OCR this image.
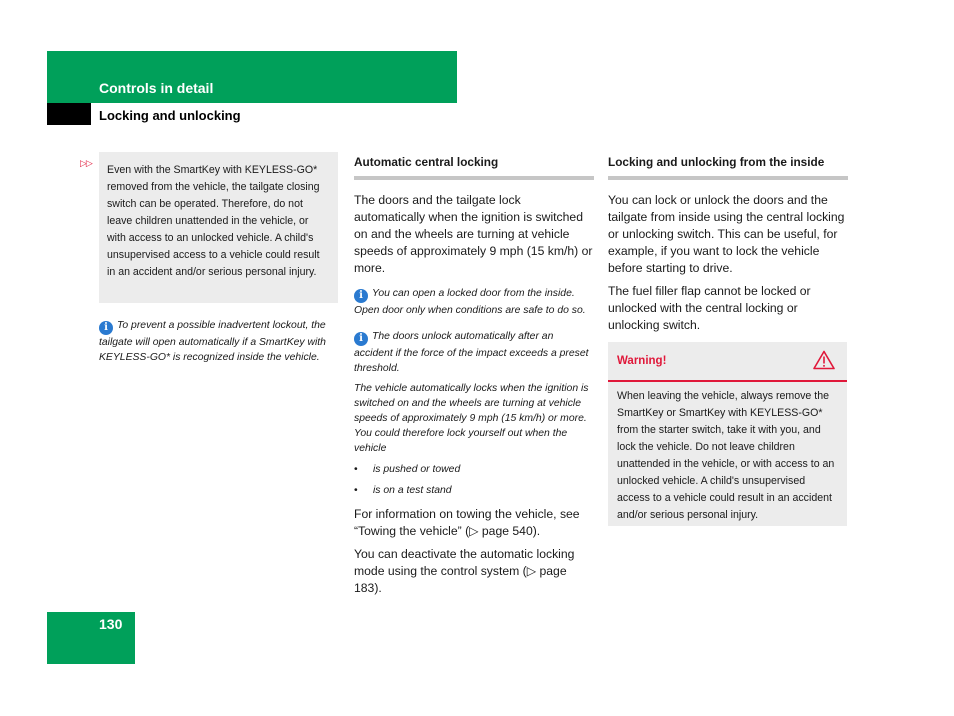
Controls in detail
Locking and unlocking
▷▷

Even with the SmartKey with KEYLESS-GO* removed from the vehicle, the tailgate closing switch can be operated. Therefore, do not leave children unattended in the vehicle, or with access to an unlocked vehicle. A child's unsupervised access to a vehicle could result in an accident and/or serious personal injury.

i To prevent a possible inadvertent lockout, the tailgate will open automatically if a SmartKey with KEYLESS-GO* is recognized inside the vehicle.
Automatic central locking

The doors and the tailgate lock automatically when the ignition is switched on and the wheels are turning at vehicle speeds of approximately 9 mph (15 km/h) or more.

i You can open a locked door from the inside. Open door only when conditions are safe to do so.
i The doors unlock automatically after an accident if the force of the impact exceeds a preset threshold.
The vehicle automatically locks when the ignition is switched on and the wheels are turning at vehicle speeds of approximately 9 mph (15 km/h) or more. You could therefore lock yourself out when the vehicle
• is pushed or towed
• is on a test stand

For information on towing the vehicle, see “Towing the vehicle” (▷ page 540).

You can deactivate the automatic locking mode using the control system (▷ page 183).

Locking and unlocking from the inside

You can lock or unlock the doors and the tailgate from inside using the central locking or unlocking switch. This can be useful, for example, if you want to lock the vehicle before starting to drive.

The fuel filler flap cannot be locked or unlocked with the central locking or unlocking switch.

Warning!

When leaving the vehicle, always remove the SmartKey or SmartKey with KEYLESS-GO* from the starter switch, take it with you, and lock the vehicle. Do not leave children unattended in the vehicle, or with access to an unlocked vehicle. A child's unsupervised access to a vehicle could result in an accident and/or serious personal injury.

130
